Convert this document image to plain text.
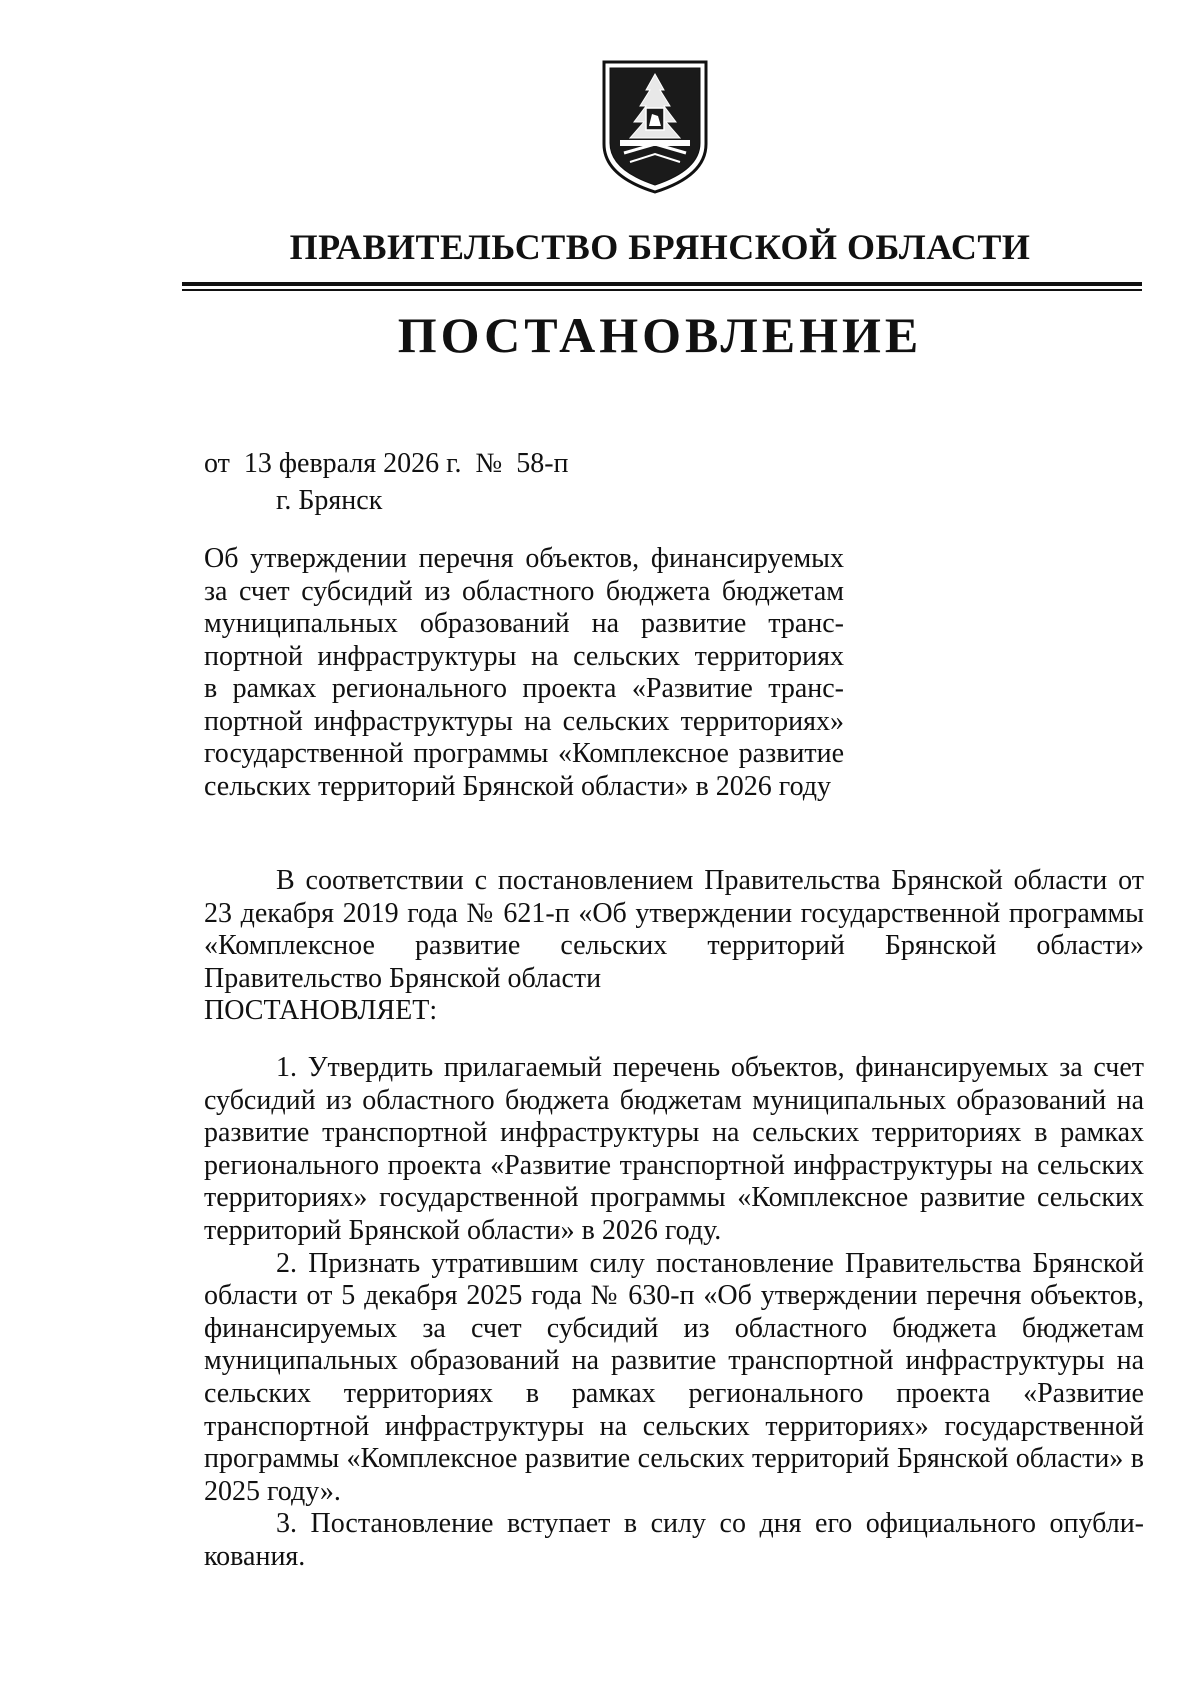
ПРАВИТЕЛЬСТВО БРЯНСКОЙ ОБЛАСТИ
ПОСТАНОВЛЕНИЕ
от  13 февраля 2026 г.  №  58-п
г. Брянск
Об утверждении перечня объектов, финансируемых
за счет субсидий из областного бюджета бюджетам
муниципальных образований на развитие транс-
портной инфраструктуры на сельских территориях
в рамках регионального проекта «Развитие транс-
портной инфраструктуры на сельских территориях»
государственной программы «Комплексное развитие
сельских территорий Брянской области» в 2026 году

В соответствии с постановлением Правительства Брянской области от 23 декабря 2019 года № 621-п «Об утверждении государственной программы «Комплексное развитие сельских территорий Брянской области» Правительство Брянской области

ПОСТАНОВЛЯЕТ:

1. Утвердить прилагаемый перечень объектов, финансируемых за счет субсидий из областного бюджета бюджетам муниципальных образований на развитие транспортной инфраструктуры на сельских территориях в рамках регионального проекта «Развитие транспортной инфраструктуры на сельских территориях» государственной программы «Комплексное развитие сельских территорий Брянской области» в 2026 году.

2. Признать утратившим силу постановление Правительства Брянской области от 5 декабря 2025 года № 630-п «Об утверждении перечня объектов, финансируемых за счет субсидий из областного бюджета бюджетам муниципальных образований на развитие транспортной инфраструктуры на сельских территориях в рамках регионального проекта «Развитие транспортной инфраструктуры на сельских территориях» государственной программы «Комплексное развитие сельских территорий Брянской области» в 2025 году».

3. Постановление вступает в силу со дня его официального опубли-кования.
